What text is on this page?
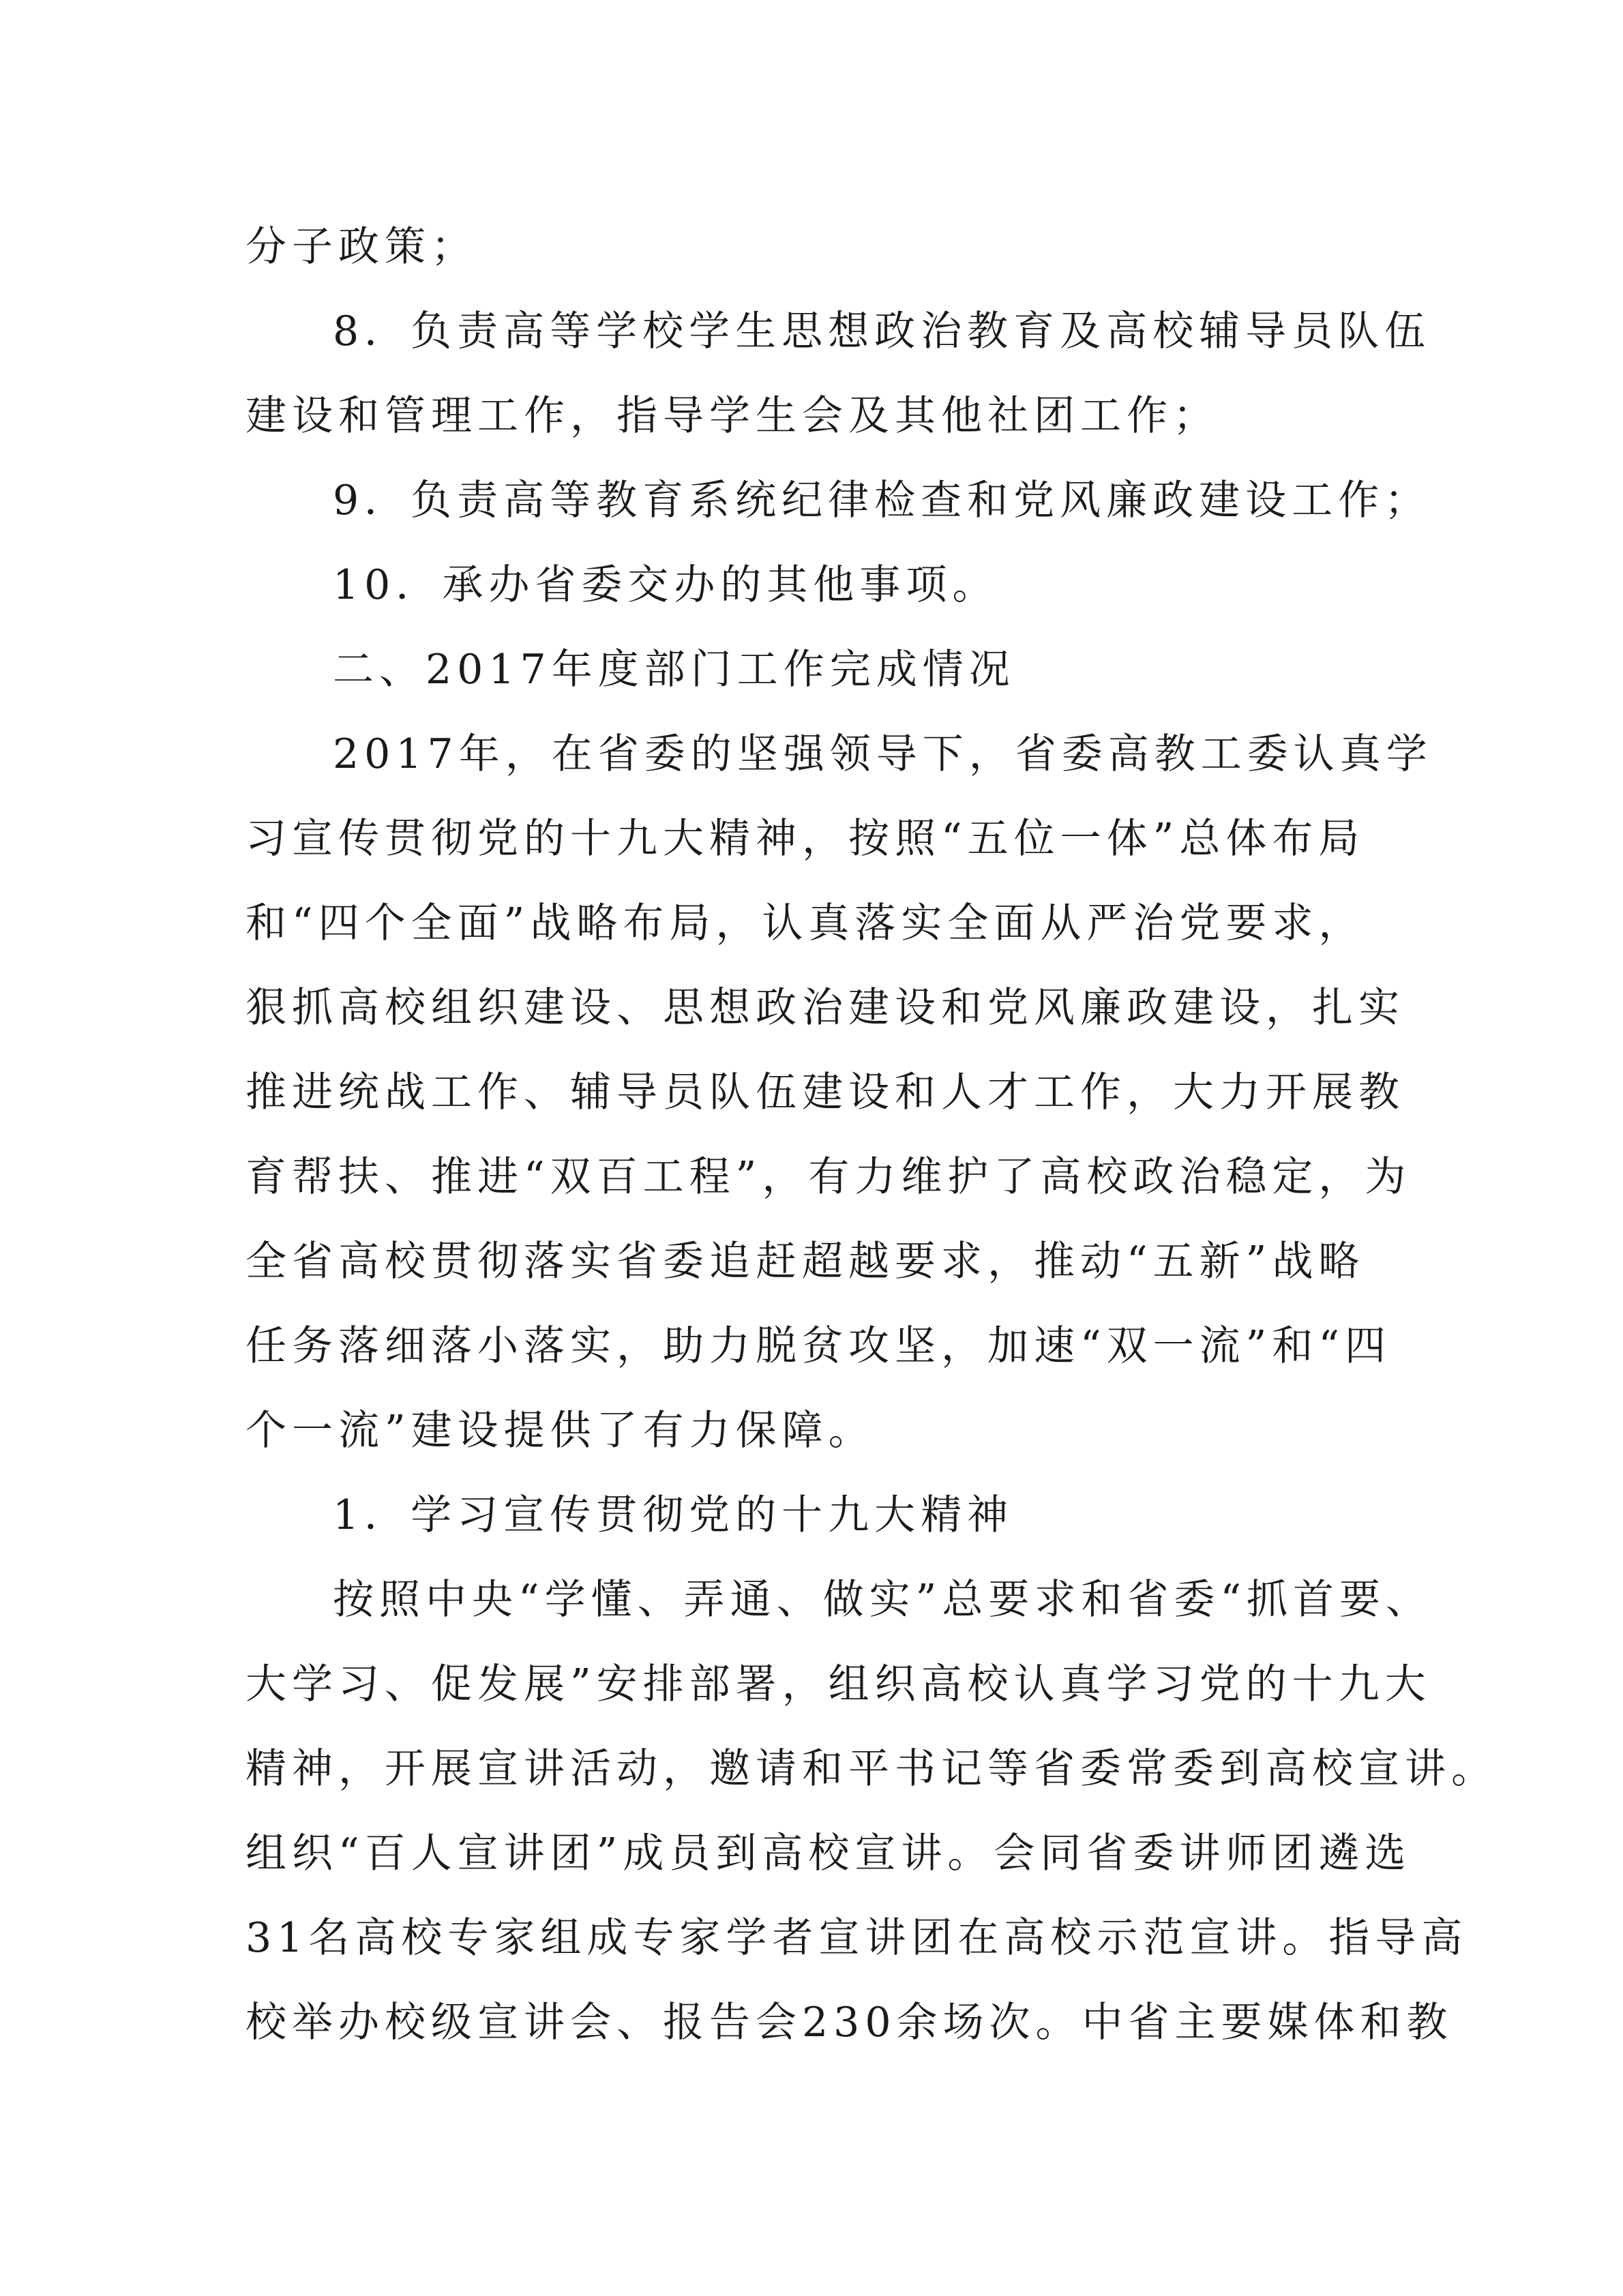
分子政策；
8．负责高等学校学生思想政治教育及高校辅导员队伍
建设和管理工作，指导学生会及其他社团工作；
9．负责高等教育系统纪律检查和党风廉政建设工作；
10．承办省委交办的其他事项。
二、2017年度部门工作完成情况
2017年，在省委的坚强领导下，省委高教工委认真学
习宣传贯彻党的十九大精神，按照“五位一体”总体布局
和“四个全面”战略布局，认真落实全面从严治党要求，
狠抓高校组织建设、思想政治建设和党风廉政建设，扎实
推进统战工作、辅导员队伍建设和人才工作，大力开展教
育帮扶、推进“双百工程”，有力维护了高校政治稳定，为
全省高校贯彻落实省委追赶超越要求，推动“五新”战略
任务落细落小落实，助力脱贫攻坚，加速“双一流”和“四
个一流”建设提供了有力保障。
1．学习宣传贯彻党的十九大精神
按照中央“学懂、弄通、做实”总要求和省委“抓首要、
大学习、促发展”安排部署，组织高校认真学习党的十九大
精神，开展宣讲活动，邀请和平书记等省委常委到高校宣讲。
组织“百人宣讲团”成员到高校宣讲。会同省委讲师团遴选
31名高校专家组成专家学者宣讲团在高校示范宣讲。指导高
校举办校级宣讲会、报告会230余场次。中省主要媒体和教
